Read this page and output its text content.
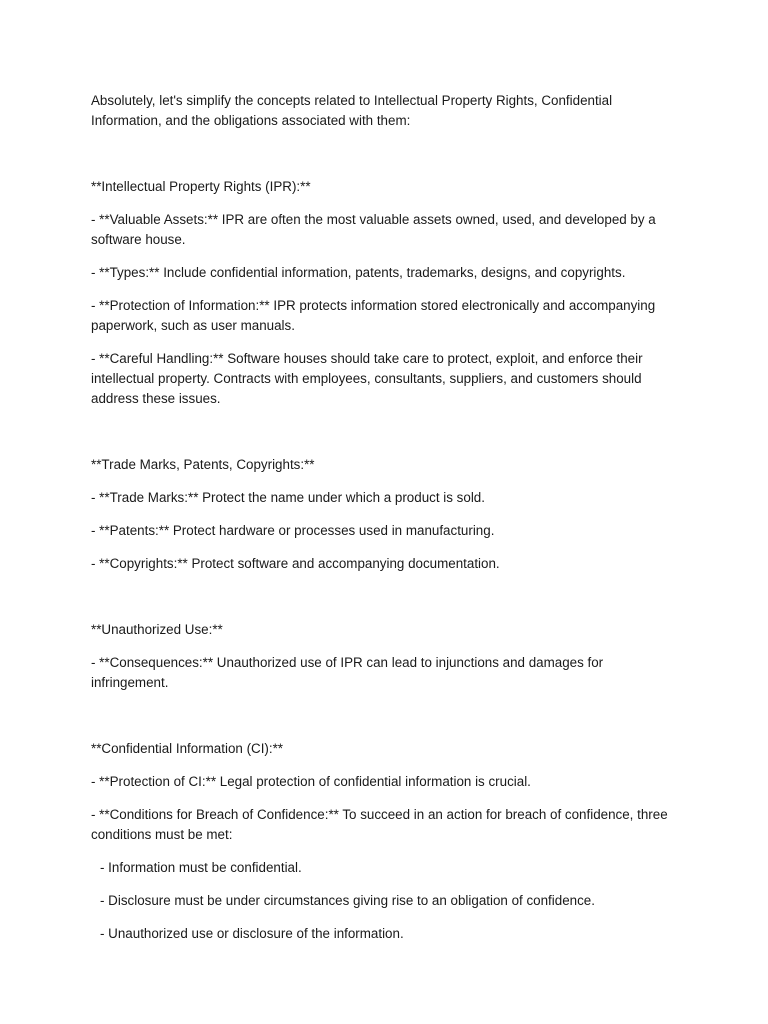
Absolutely, let's simplify the concepts related to Intellectual Property Rights, Confidential Information, and the obligations associated with them:

**Intellectual Property Rights (IPR):**

- **Valuable Assets:** IPR are often the most valuable assets owned, used, and developed by a software house.

- **Types:** Include confidential information, patents, trademarks, designs, and copyrights.

- **Protection of Information:** IPR protects information stored electronically and accompanying paperwork, such as user manuals.

- **Careful Handling:** Software houses should take care to protect, exploit, and enforce their intellectual property. Contracts with employees, consultants, suppliers, and customers should address these issues.

**Trade Marks, Patents, Copyrights:**

- **Trade Marks:** Protect the name under which a product is sold.

- **Patents:** Protect hardware or processes used in manufacturing.

- **Copyrights:** Protect software and accompanying documentation.

**Unauthorized Use:**

- **Consequences:** Unauthorized use of IPR can lead to injunctions and damages for infringement.

**Confidential Information (CI):**

- **Protection of CI:** Legal protection of confidential information is crucial.

- **Conditions for Breach of Confidence:** To succeed in an action for breach of confidence, three conditions must be met:

- Information must be confidential.

- Disclosure must be under circumstances giving rise to an obligation of confidence.

- Unauthorized use or disclosure of the information.
